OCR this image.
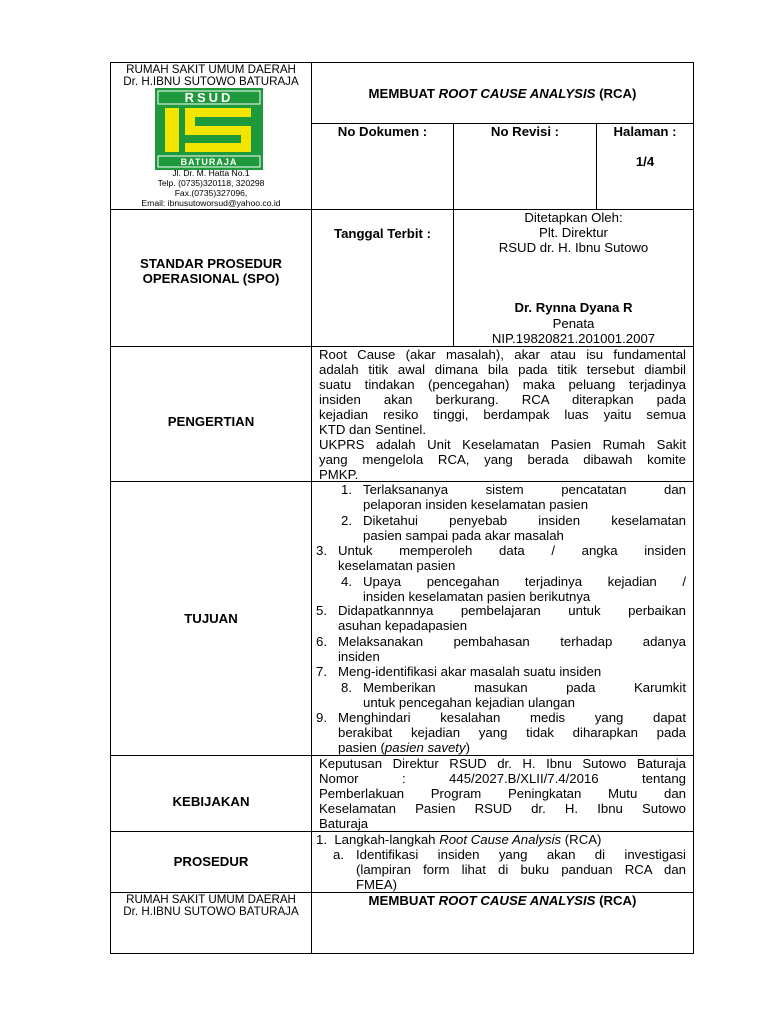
RUMAH SAKIT UMUM DAERAH
Dr. H.IBNU SUTOWO BATURAJA
RSUD
BATURAJA
Jl. Dr. M. Hatta No.1
Telp. (0735)320118, 320298
Fax.(0735)327096,
Email: ibnusutoworsud@yahoo.co.id
MEMBUAT ROOT CAUSE ANALYSIS (RCA)
No Dokumen :	No Revisi :	Halaman :
1/4
STANDAR PROSEDUR
OPERASIONAL (SPO)
Tanggal Terbit :
Ditetapkan Oleh:
Plt. Direktur
RSUD dr. H. Ibnu Sutowo
Dr. Rynna Dyana R
Penata
NIP.19820821.201001.2007
PENGERTIAN
Root Cause (akar masalah), akar atau isu fundamental
adalah titik awal dimana bila pada titik tersebut diambil
suatu tindakan (pencegahan) maka peluang terjadinya
insiden akan berkurang. RCA diterapkan pada
kejadian resiko tinggi, berdampak luas yaitu semua
KTD dan Sentinel.
UKPRS adalah Unit Keselamatan Pasien Rumah Sakit
yang mengelola RCA, yang berada dibawah komite
PMKP.
TUJUAN
1. Terlaksananya sistem pencatatan dan
pelaporan insiden keselamatan pasien
2. Diketahui penyebab insiden keselamatan
pasien sampai pada akar masalah
3. Untuk memperoleh data / angka insiden
keselamatan pasien
4. Upaya pencegahan terjadinya kejadian /
insiden keselamatan pasien berikutnya
5. Didapatkannnya pembelajaran untuk perbaikan
asuhan kepadapasien
6. Melaksanakan pembahasan terhadap adanya
insiden
7. Meng-identifikasi akar masalah suatu insiden
8. Memberikan masukan pada Karumkit
untuk pencegahan kejadian ulangan
9. Menghindari kesalahan medis yang dapat
berakibat kejadian yang tidak diharapkan pada
pasien (pasien savety)
KEBIJAKAN
Keputusan Direktur RSUD dr. H. Ibnu Sutowo Baturaja
Nomor : 445/2027.B/XLII/7.4/2016 tentang
Pemberlakuan Program Peningkatan Mutu dan
Keselamatan Pasien RSUD dr. H. Ibnu Sutowo
Baturaja
PROSEDUR
1.  Langkah-langkah Root Cause Analysis (RCA)
a. Identifikasi insiden yang akan di investigasi
(lampiran form lihat di buku panduan RCA dan
FMEA)
RUMAH SAKIT UMUM DAERAH
Dr. H.IBNU SUTOWO BATURAJA
MEMBUAT ROOT CAUSE ANALYSIS (RCA)
